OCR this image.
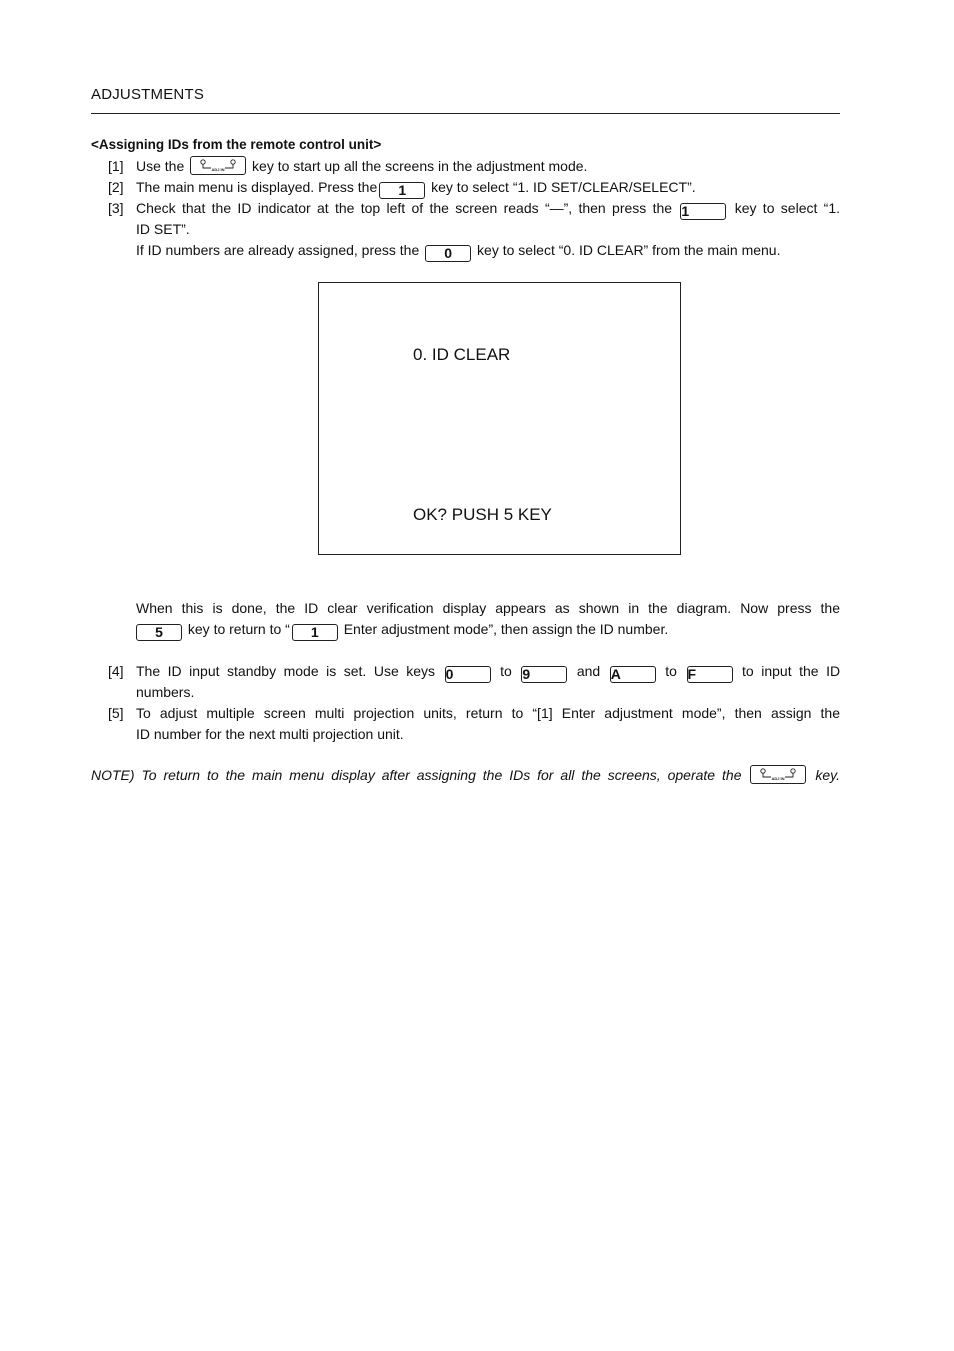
ADJUSTMENTS
<Assigning IDs from the remote control unit>
[1] Use the	ADJ IN key to start up all the screens in the adjustment mode.
[2] The main menu is displayed. Press the 1 key to select “1. ID SET/CLEAR/SELECT”.
[3] Check that the ID indicator at the top left of the screen reads “—”, then press the 1	key to select “1.
ID SET”.
If ID numbers are already assigned, press the 0 key to select “0. ID CLEAR” from the main menu.
0. ID CLEAR
OK? PUSH 5 KEY
When this is done, the ID clear verification display appears as shown in the diagram. Now press the
5 key to return to “ 1 Enter adjustment mode”, then assign the ID number.
[4] The ID input standby mode is set. Use keys 0	to 9	and A	to F	to input the ID
numbers.
[5] To adjust multiple screen multi projection units, return to “[1] Enter adjustment mode”, then assign the
ID number for the next multi projection unit.
NOTE) To return to the main menu display after assigning the IDs for all the screens, operate the	ADJ IN key.
